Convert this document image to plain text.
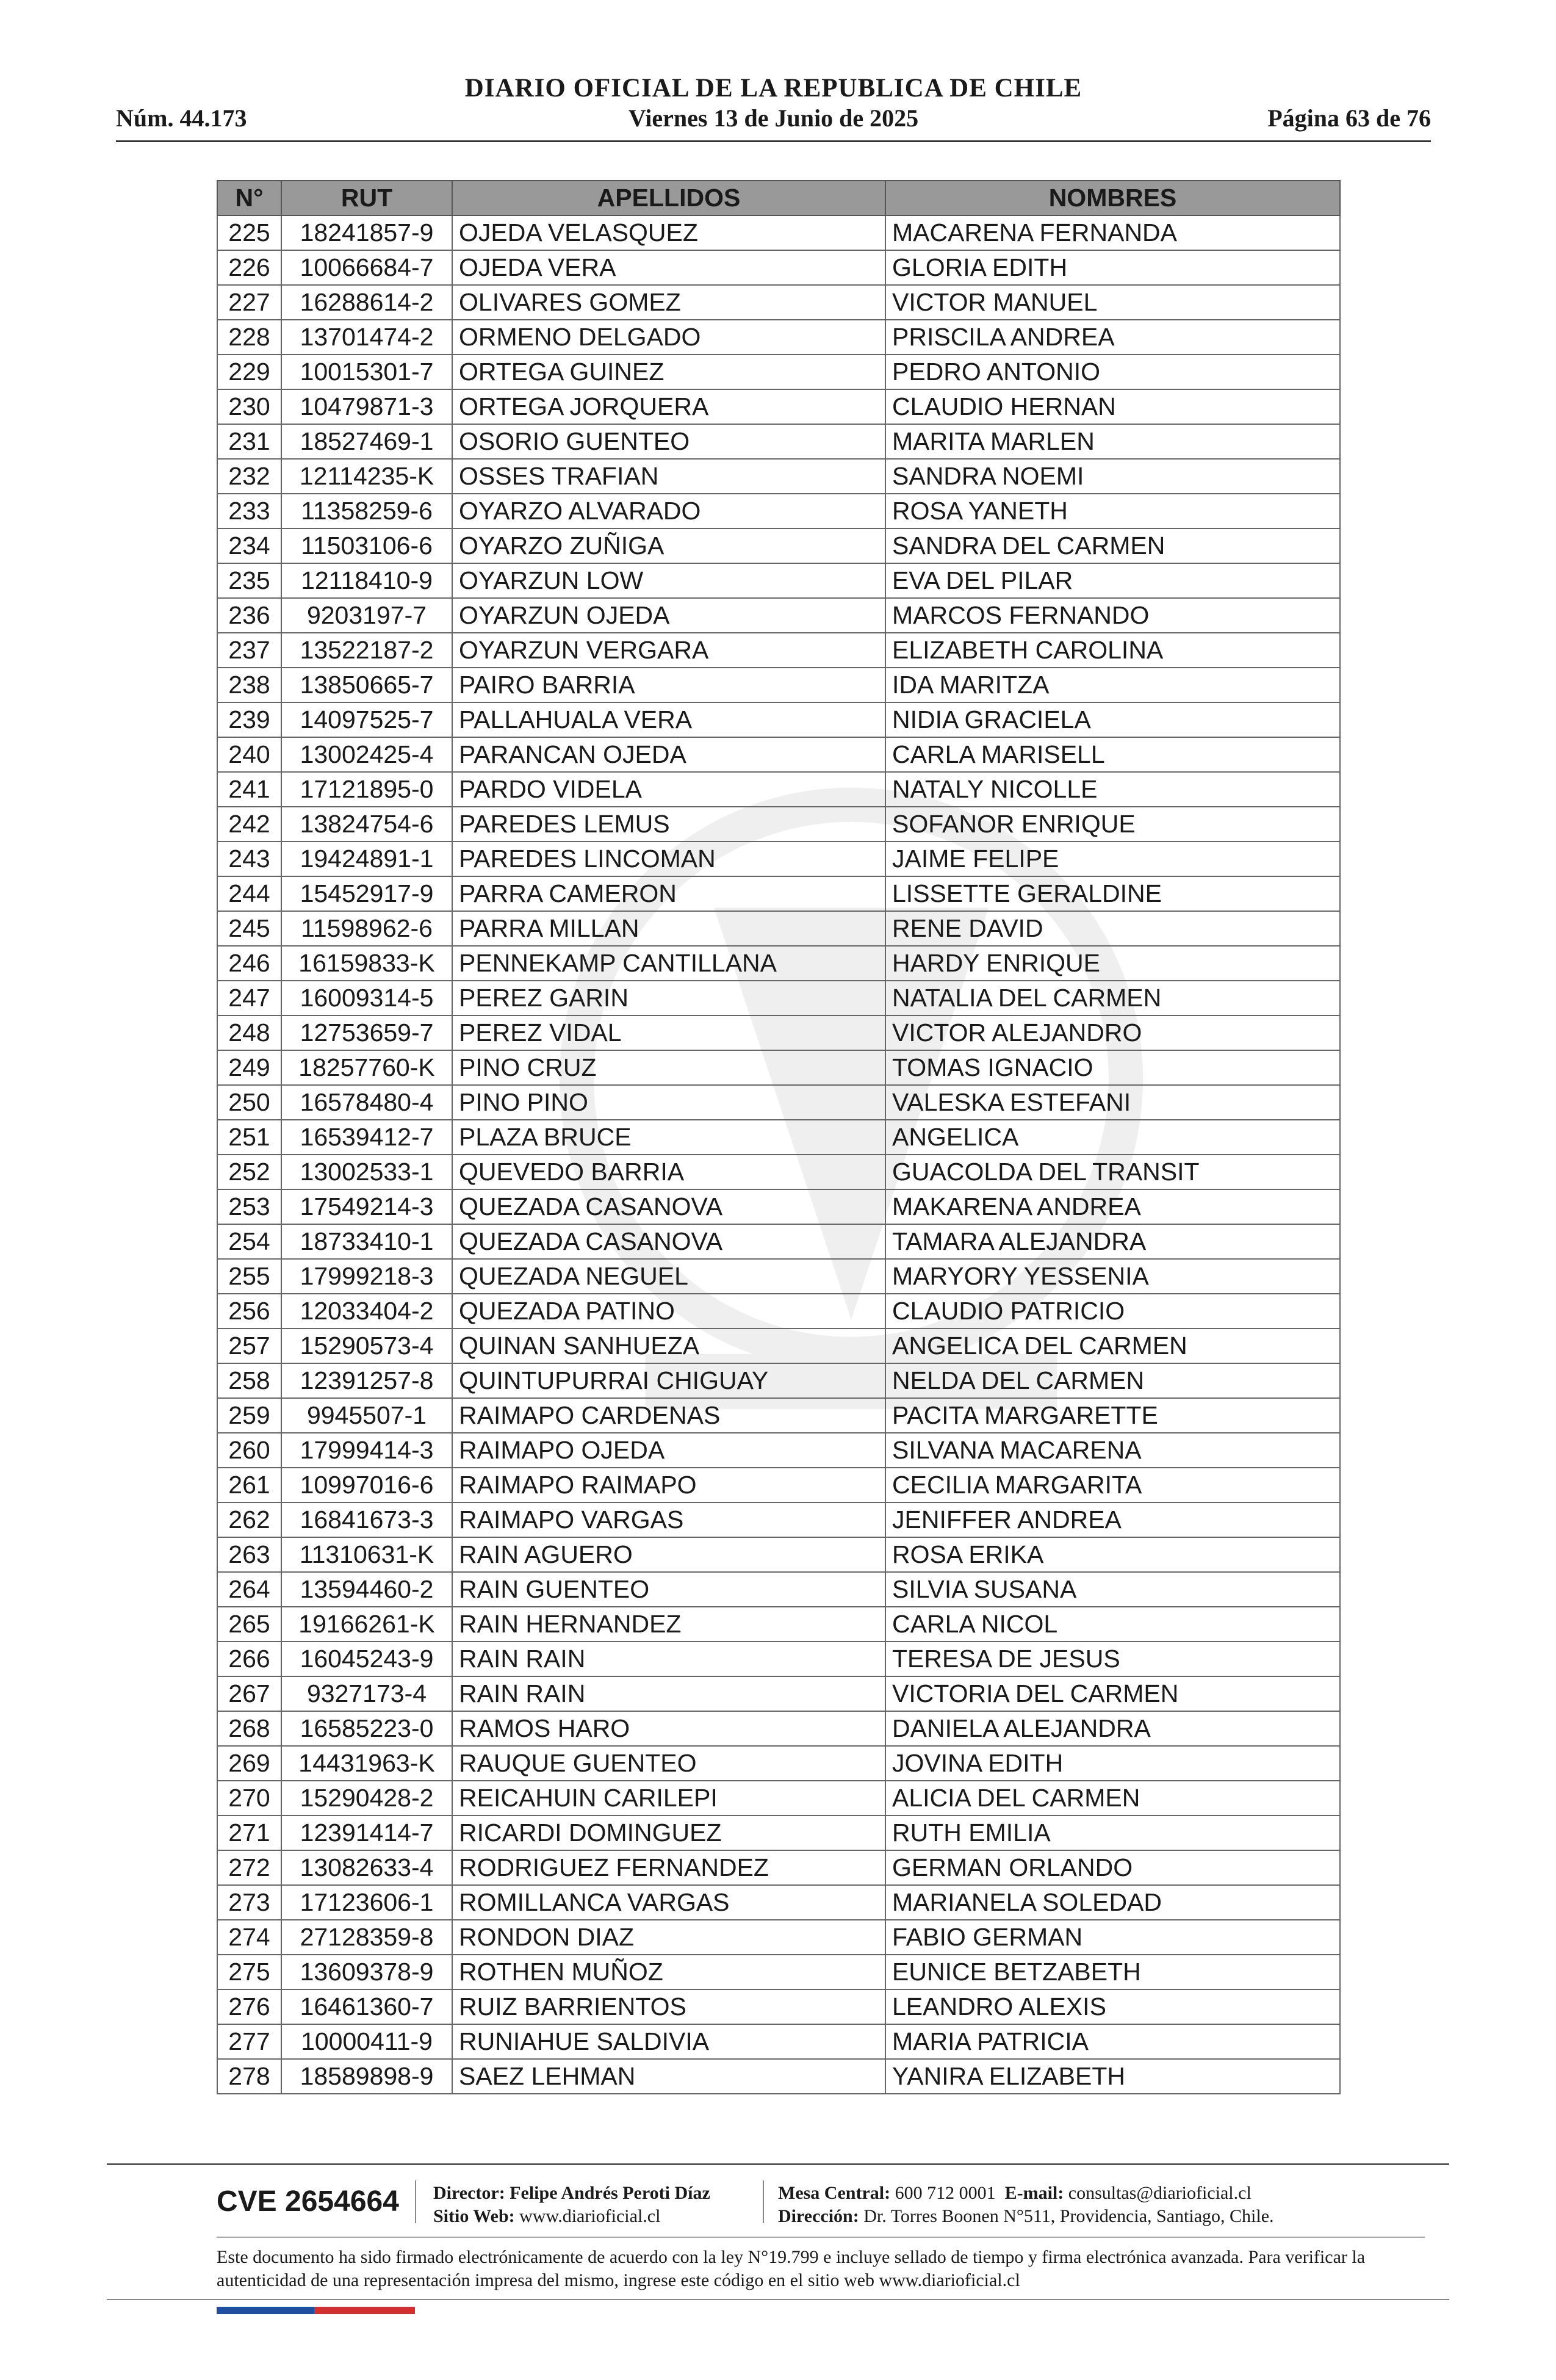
DIARIO OFICIAL DE LA REPUBLICA DE CHILE
Núm. 44.173	Viernes 13 de Junio de 2025	Página 63 de 76
N°	RUT	APELLIDOS	NOMBRES
225	18241857-9	OJEDA VELASQUEZ	MACARENA FERNANDA
226	10066684-7	OJEDA VERA	GLORIA EDITH
227	16288614-2	OLIVARES GOMEZ	VICTOR MANUEL
228	13701474-2	ORMENO DELGADO	PRISCILA ANDREA
229	10015301-7	ORTEGA GUINEZ	PEDRO ANTONIO
230	10479871-3	ORTEGA JORQUERA	CLAUDIO HERNAN
231	18527469-1	OSORIO GUENTEO	MARITA MARLEN
232	12114235-K	OSSES TRAFIAN	SANDRA NOEMI
233	11358259-6	OYARZO ALVARADO	ROSA YANETH
234	11503106-6	OYARZO ZUÑIGA	SANDRA DEL CARMEN
235	12118410-9	OYARZUN LOW	EVA DEL PILAR
236	9203197-7	OYARZUN OJEDA	MARCOS FERNANDO
237	13522187-2	OYARZUN VERGARA	ELIZABETH CAROLINA
238	13850665-7	PAIRO BARRIA	IDA MARITZA
239	14097525-7	PALLAHUALA VERA	NIDIA GRACIELA
240	13002425-4	PARANCAN OJEDA	CARLA MARISELL
241	17121895-0	PARDO VIDELA	NATALY NICOLLE
242	13824754-6	PAREDES LEMUS	SOFANOR ENRIQUE
243	19424891-1	PAREDES LINCOMAN	JAIME FELIPE
244	15452917-9	PARRA CAMERON	LISSETTE GERALDINE
245	11598962-6	PARRA MILLAN	RENE DAVID
246	16159833-K	PENNEKAMP CANTILLANA	HARDY ENRIQUE
247	16009314-5	PEREZ GARIN	NATALIA DEL CARMEN
248	12753659-7	PEREZ VIDAL	VICTOR ALEJANDRO
249	18257760-K	PINO CRUZ	TOMAS IGNACIO
250	16578480-4	PINO PINO	VALESKA ESTEFANI
251	16539412-7	PLAZA BRUCE	ANGELICA
252	13002533-1	QUEVEDO BARRIA	GUACOLDA DEL TRANSIT
253	17549214-3	QUEZADA CASANOVA	MAKARENA ANDREA
254	18733410-1	QUEZADA CASANOVA	TAMARA ALEJANDRA
255	17999218-3	QUEZADA NEGUEL	MARYORY YESSENIA
256	12033404-2	QUEZADA PATINO	CLAUDIO PATRICIO
257	15290573-4	QUINAN SANHUEZA	ANGELICA DEL CARMEN
258	12391257-8	QUINTUPURRAI CHIGUAY	NELDA DEL CARMEN
259	9945507-1	RAIMAPO CARDENAS	PACITA MARGARETTE
260	17999414-3	RAIMAPO OJEDA	SILVANA MACARENA
261	10997016-6	RAIMAPO RAIMAPO	CECILIA MARGARITA
262	16841673-3	RAIMAPO VARGAS	JENIFFER ANDREA
263	11310631-K	RAIN AGUERO	ROSA ERIKA
264	13594460-2	RAIN GUENTEO	SILVIA SUSANA
265	19166261-K	RAIN HERNANDEZ	CARLA NICOL
266	16045243-9	RAIN RAIN	TERESA DE JESUS
267	9327173-4	RAIN RAIN	VICTORIA DEL CARMEN
268	16585223-0	RAMOS HARO	DANIELA ALEJANDRA
269	14431963-K	RAUQUE GUENTEO	JOVINA EDITH
270	15290428-2	REICAHUIN CARILEPI	ALICIA DEL CARMEN
271	12391414-7	RICARDI DOMINGUEZ	RUTH EMILIA
272	13082633-4	RODRIGUEZ FERNANDEZ	GERMAN ORLANDO
273	17123606-1	ROMILLANCA VARGAS	MARIANELA SOLEDAD
274	27128359-8	RONDON DIAZ	FABIO GERMAN
275	13609378-9	ROTHEN MUÑOZ	EUNICE BETZABETH
276	16461360-7	RUIZ BARRIENTOS	LEANDRO ALEXIS
277	10000411-9	RUNIAHUE SALDIVIA	MARIA PATRICIA
278	18589898-9	SAEZ LEHMAN	YANIRA ELIZABETH
CVE 2654664 Director: Felipe Andrés Peroti Díaz
Sitio Web: www.diarioficial.cl
Mesa Central: 600 712 0001 E-mail: consultas@diarioficial.cl
Dirección: Dr. Torres Boonen N°511, Providencia, Santiago, Chile.
Este documento ha sido firmado electrónicamente de acuerdo con la ley N°19.799 e incluye sellado de tiempo y firma electrónica avanzada. Para verificar la autenticidad de una representación impresa del mismo, ingrese este código en el sitio web www.diarioficial.cl
